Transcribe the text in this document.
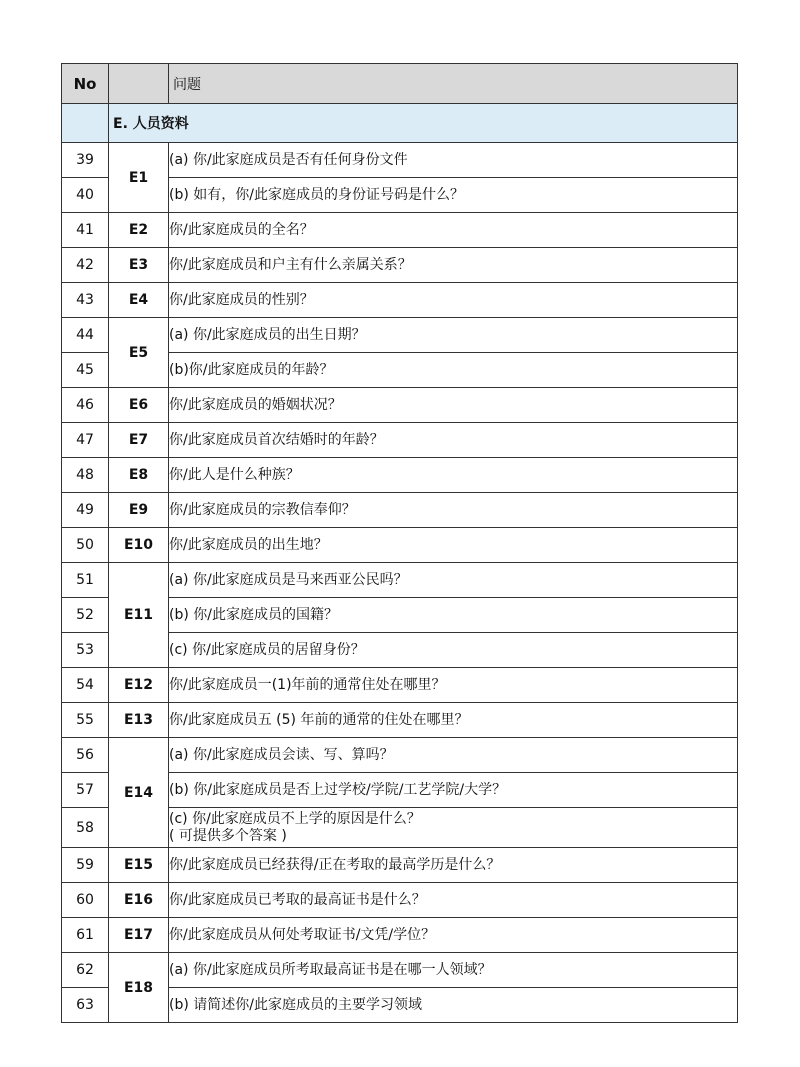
No		问题
	E. 人员资料	
39	E1	(a) 你/此家庭成员是否有任何身份文件
40		(b) 如有，你/此家庭成员的身份证号码是什么？
41	E2	你/此家庭成员的全名？
42	E3	你/此家庭成员和户主有什么亲属关系？
43	E4	你/此家庭成员的性别？
44	E5	(a) 你/此家庭成员的出生日期？
45		(b)你/此家庭成员的年龄？
46	E6	你/此家庭成员的婚姻状况？
47	E7	你/此家庭成员首次结婚时的年龄？
48	E8	你/此人是什么种族？
49	E9	你/此家庭成员的宗教信奉仰？
50	E10	你/此家庭成员的出生地？
51	E11	(a) 你/此家庭成员是马来西亚公民吗？
52		(b) 你/此家庭成员的国籍？
53		(c) 你/此家庭成员的居留身份？
54	E12	你/此家庭成员一(1)年前的通常住处在哪里？
55	E13	你/此家庭成员五 (5) 年前的通常的住处在哪里？
56	E14	(a) 你/此家庭成员会读、写、算吗？
57		(b) 你/此家庭成员是否上过学校/学院/工艺学院/大学？
58		(c) 你/此家庭成员不上学的原因是什么？
( 可提供多个答案 )

59	E15	你/此家庭成员已经获得/正在考取的最高学历是什么？
60	E16	你/此家庭成员已考取的最高证书是什么？
61	E17	你/此家庭成员从何处考取证书/文凭/学位？
62	E18	(a) 你/此家庭成员所考取最高证书是在哪一人领域？
63		(b) 请简述你/此家庭成员的主要学习领域
